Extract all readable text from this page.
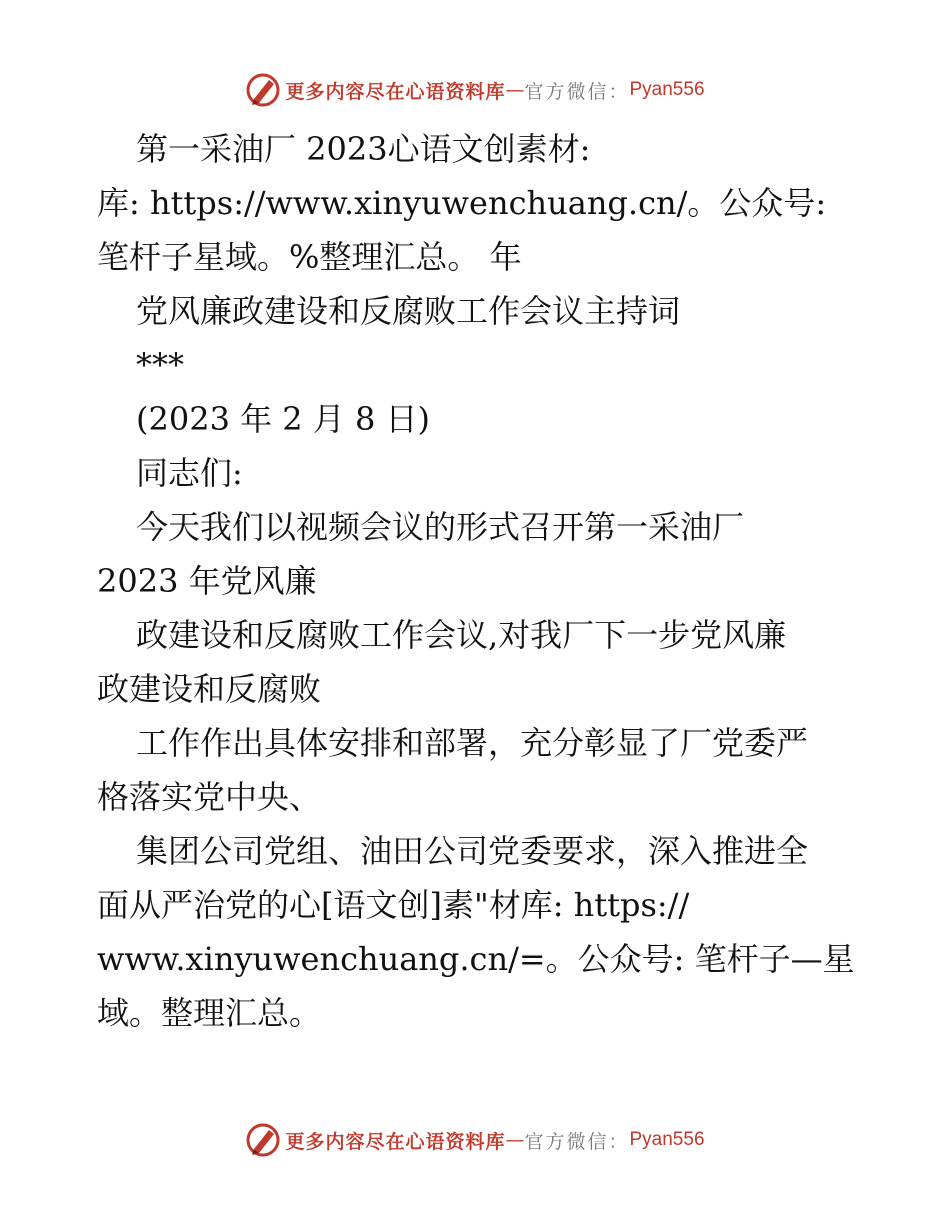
更多内容尽在心语资料库 — 官方微信： Pyan556
第一采油厂 2023心语文创素材:
库: https://www.xinyuwenchuang.cn/。公众号:
笔杆子星域。%整理汇总。 年
党风廉政建设和反腐败工作会议主持词
***
(2023 年 2 月 8 日)
同志们:
今天我们以视频会议的形式召开第一采油厂
2023 年党风廉
政建设和反腐败工作会议,对我厂下一步党风廉
政建设和反腐败
工作作出具体安排和部署，充分彰显了厂党委严
格落实党中央、
集团公司党组、油田公司党委要求，深入推进全
面从严治党的心[语文创]素"材库: https://
www.xinyuwenchuang.cn/=。公众号: 笔杆子—星
域。整理汇总。
更多内容尽在心语资料库 — 官方微信： Pyan556
